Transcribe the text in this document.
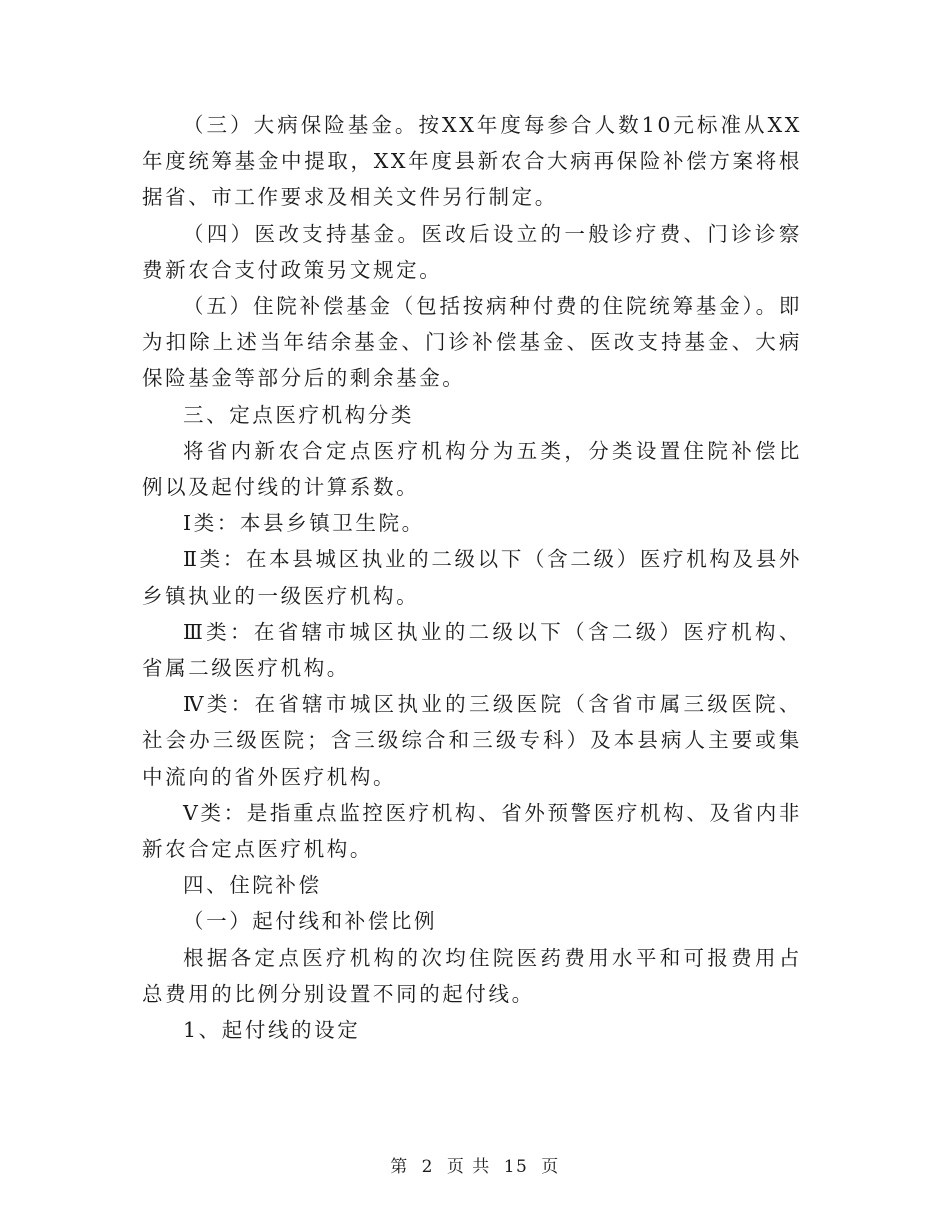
（三）大病保险基金。按XX年度每参合人数10元标准从XX年度统筹基金中提取，XX年度县新农合大病再保险补偿方案将根据省、市工作要求及相关文件另行制定。

（四）医改支持基金。医改后设立的一般诊疗费、门诊诊察费新农合支付政策另文规定。

（五）住院补偿基金（包括按病种付费的住院统筹基金）。即为扣除上述当年结余基金、门诊补偿基金、医改支持基金、大病保险基金等部分后的剩余基金。

三、定点医疗机构分类

将省内新农合定点医疗机构分为五类，分类设置住院补偿比例以及起付线的计算系数。

Ⅰ类：本县乡镇卫生院。

Ⅱ类：在本县城区执业的二级以下（含二级）医疗机构及县外乡镇执业的一级医疗机构。

Ⅲ类：在省辖市城区执业的二级以下（含二级）医疗机构、省属二级医疗机构。

Ⅳ类：在省辖市城区执业的三级医院（含省市属三级医院、社会办三级医院；含三级综合和三级专科）及本县病人主要或集中流向的省外医疗机构。

Ⅴ类：是指重点监控医疗机构、省外预警医疗机构、及省内非新农合定点医疗机构。

四、住院补偿

（一）起付线和补偿比例

根据各定点医疗机构的次均住院医药费用水平和可报费用占总费用的比例分别设置不同的起付线。

1、起付线的设定

第 2 页 共 15 页
